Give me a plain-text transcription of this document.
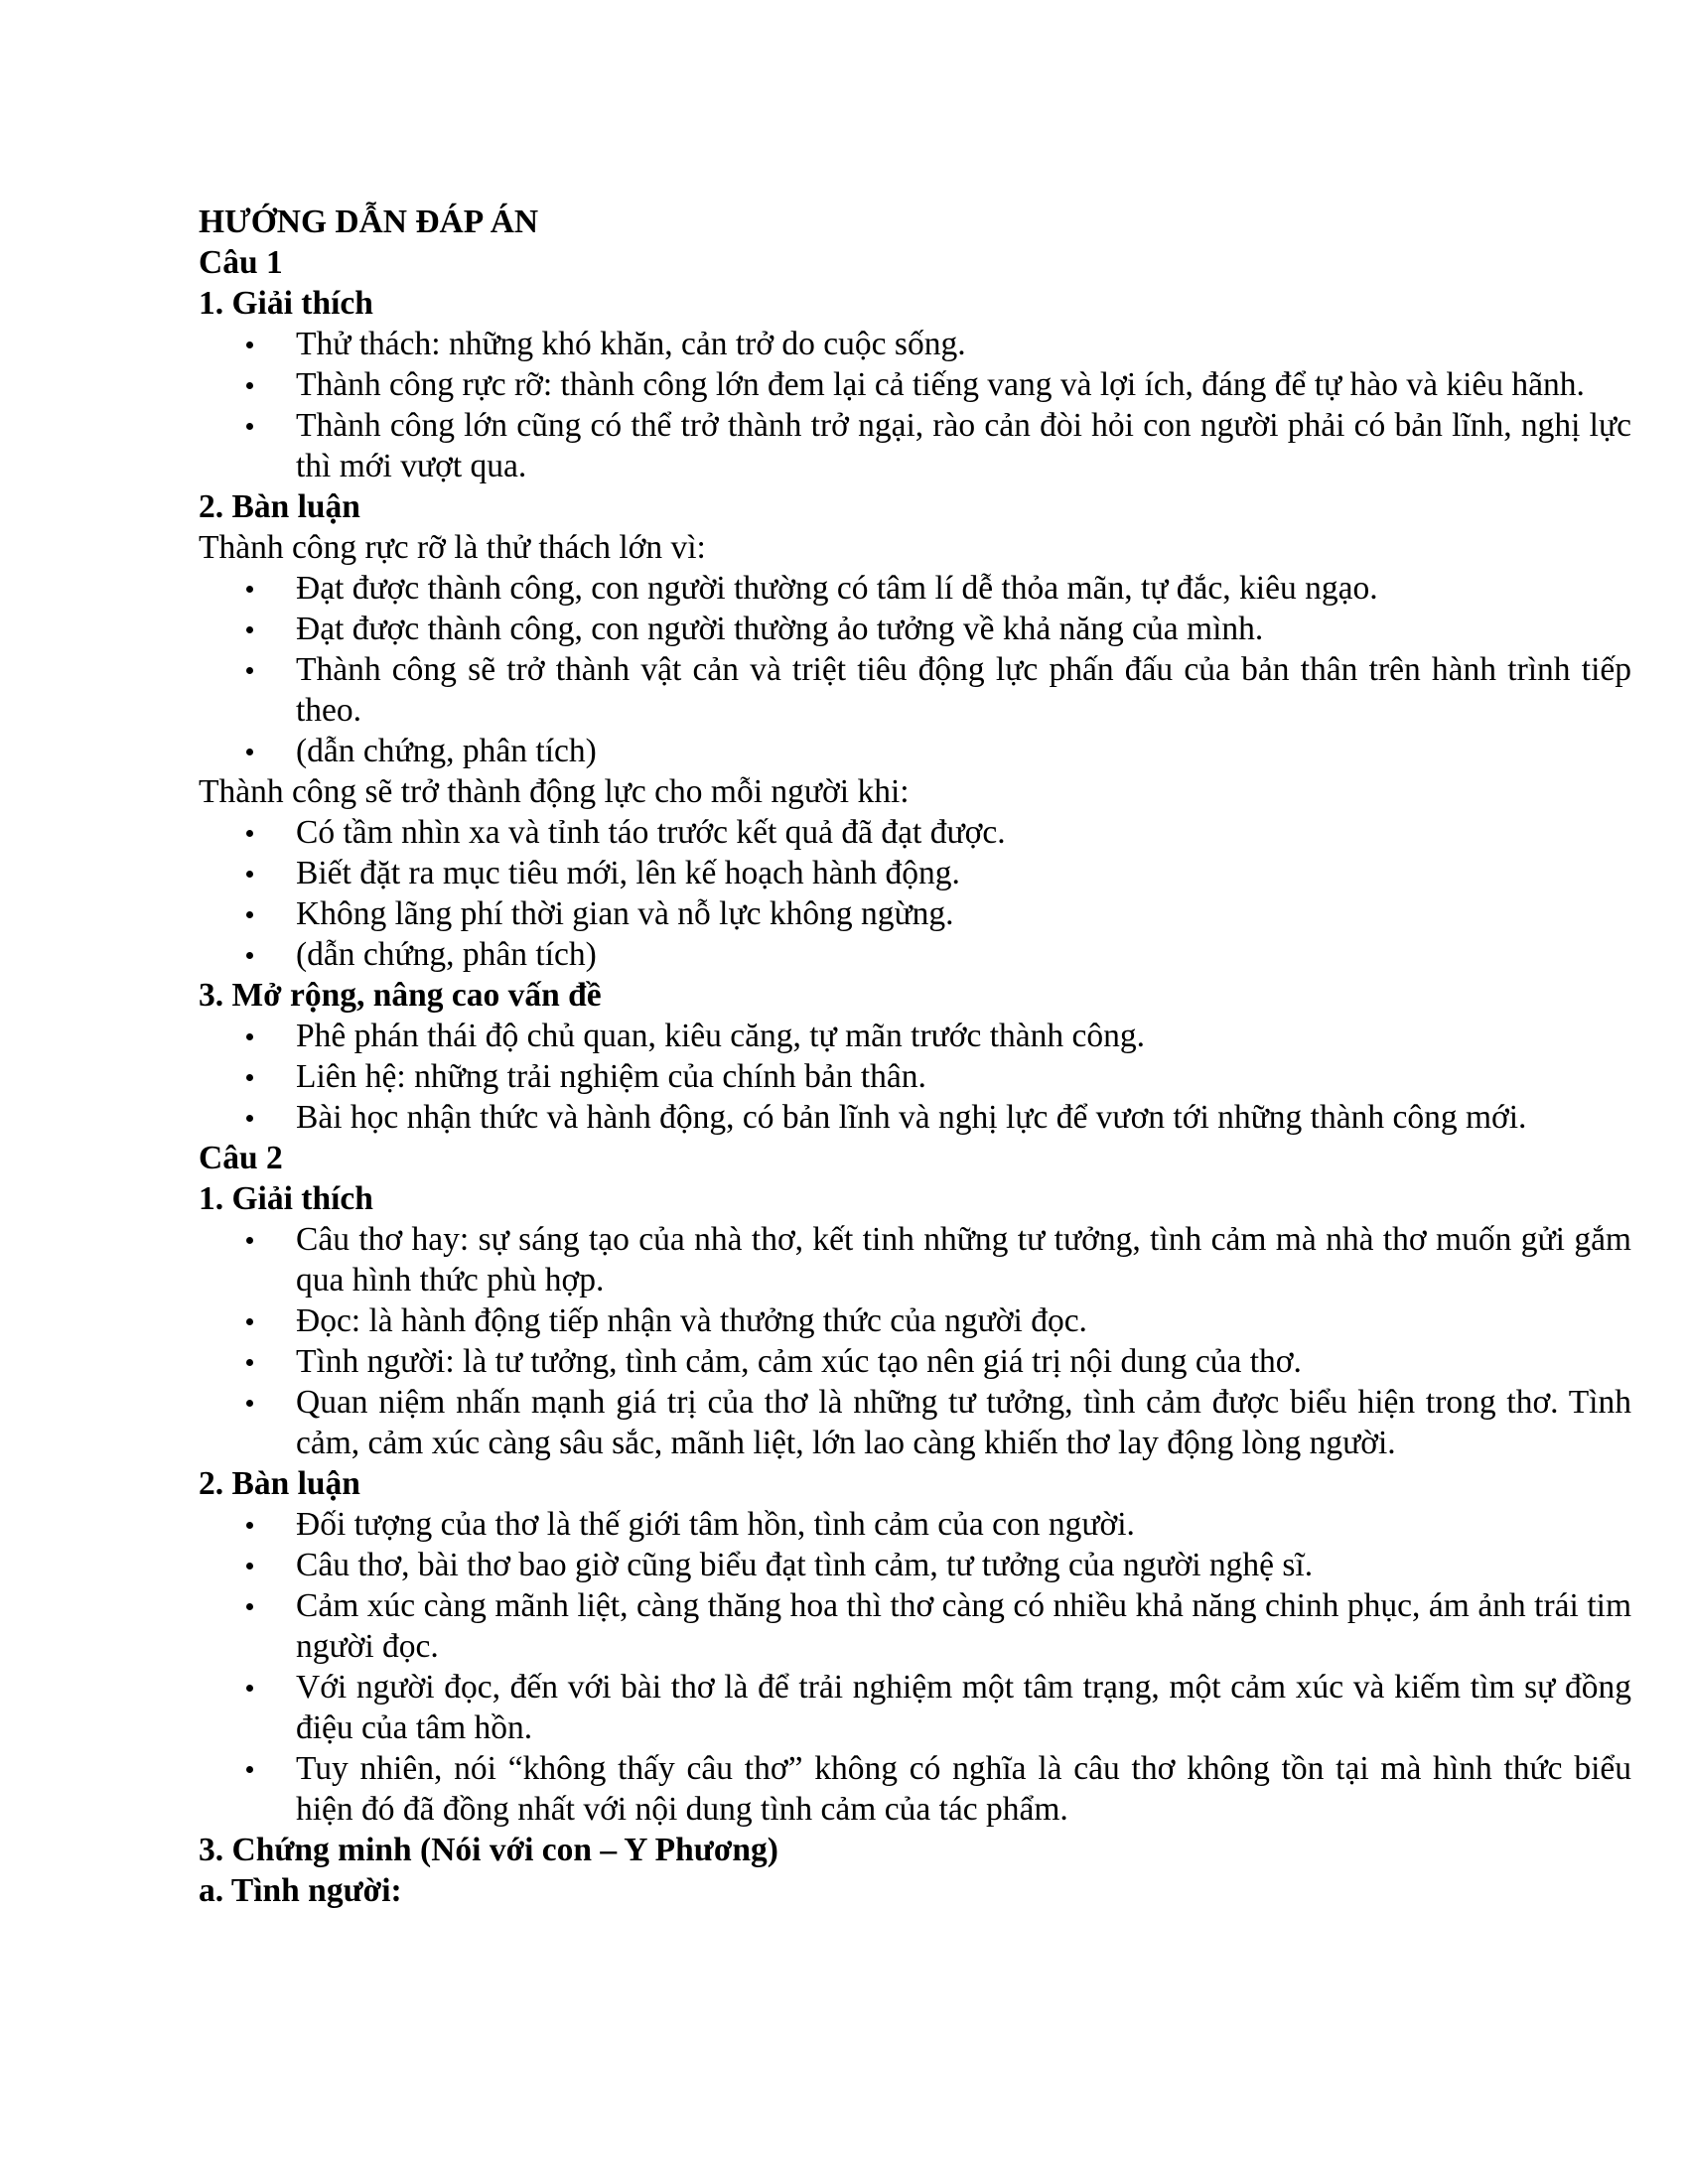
HƯỚNG DẪN ĐÁP ÁN
Câu 1
1. Giải thích
Thử thách: những khó khăn, cản trở do cuộc sống.
Thành công rực rỡ: thành công lớn đem lại cả tiếng vang và lợi ích, đáng để tự hào và kiêu hãnh.
Thành công lớn cũng có thể trở thành trở ngại, rào cản đòi hỏi con người phải có bản lĩnh, nghị lực thì mới vượt qua.
2. Bàn luận
Thành công rực rỡ là thử thách lớn vì:
Đạt được thành công, con người thường có tâm lí dễ thỏa mãn, tự đắc, kiêu ngạo.
Đạt được thành công, con người thường ảo tưởng về khả năng của mình.
Thành công sẽ trở thành vật cản và triệt tiêu động lực phấn đấu của bản thân trên hành trình tiếp theo.
(dẫn chứng, phân tích)
Thành công sẽ trở thành động lực cho mỗi người khi:
Có tầm nhìn xa và tỉnh táo trước kết quả đã đạt được.
Biết đặt ra mục tiêu mới, lên kế hoạch hành động.
Không lãng phí thời gian và nỗ lực không ngừng.
(dẫn chứng, phân tích)
3. Mở rộng, nâng cao vấn đề
Phê phán thái độ chủ quan, kiêu căng, tự mãn trước thành công.
Liên hệ: những trải nghiệm của chính bản thân.
Bài học nhận thức và hành động, có bản lĩnh và nghị lực để vươn tới những thành công mới.
Câu 2
1. Giải thích
Câu thơ hay: sự sáng tạo của nhà thơ, kết tinh những tư tưởng, tình cảm mà nhà thơ muốn gửi gắm qua hình thức phù hợp.
Đọc: là hành động tiếp nhận và thưởng thức của người đọc.
Tình người: là tư tưởng, tình cảm, cảm xúc tạo nên giá trị nội dung của thơ.
Quan niệm nhấn mạnh giá trị của thơ là những tư tưởng, tình cảm được biểu hiện trong thơ. Tình cảm, cảm xúc càng sâu sắc, mãnh liệt, lớn lao càng khiến thơ lay động lòng người.
2. Bàn luận
Đối tượng của thơ là thế giới tâm hồn, tình cảm của con người.
Câu thơ, bài thơ bao giờ cũng biểu đạt tình cảm, tư tưởng của người nghệ sĩ.
Cảm xúc càng mãnh liệt, càng thăng hoa thì thơ càng có nhiều khả năng chinh phục, ám ảnh trái tim người đọc.
Với người đọc, đến với bài thơ là để trải nghiệm một tâm trạng, một cảm xúc và kiếm tìm sự đồng điệu của tâm hồn.
Tuy nhiên, nói “không thấy câu thơ” không có nghĩa là câu thơ không tồn tại mà hình thức biểu hiện đó đã đồng nhất với nội dung tình cảm của tác phẩm.
3. Chứng minh (Nói với con – Y Phương)
a. Tình người:
